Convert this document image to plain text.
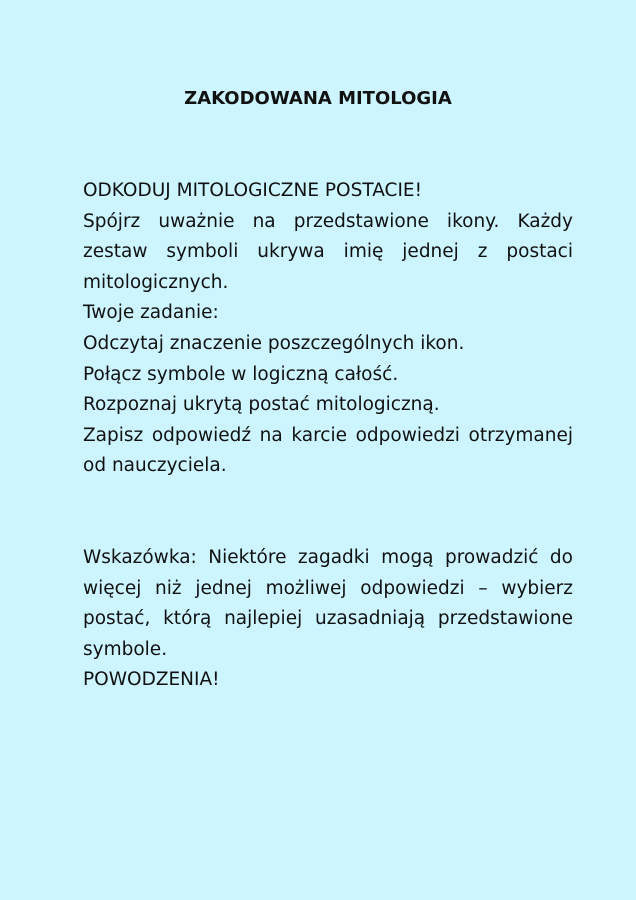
ZAKODOWANA MITOLOGIA
ODKODUJ MITOLOGICZNE POSTACIE!
Spójrz uważnie na przedstawione ikony. Każdy zestaw symboli ukrywa imię jednej z postaci mitologicznych.
Twoje zadanie:
Odczytaj znaczenie poszczególnych ikon.
Połącz symbole w logiczną całość.
Rozpoznaj ukrytą postać mitologiczną.
Zapisz odpowiedź na karcie odpowiedzi otrzymanej od nauczyciela.
Wskazówka: Niektóre zagadki mogą prowadzić do więcej niż jednej możliwej odpowiedzi – wybierz postać, którą najlepiej uzasadniają przedstawione symbole.
POWODZENIA!
